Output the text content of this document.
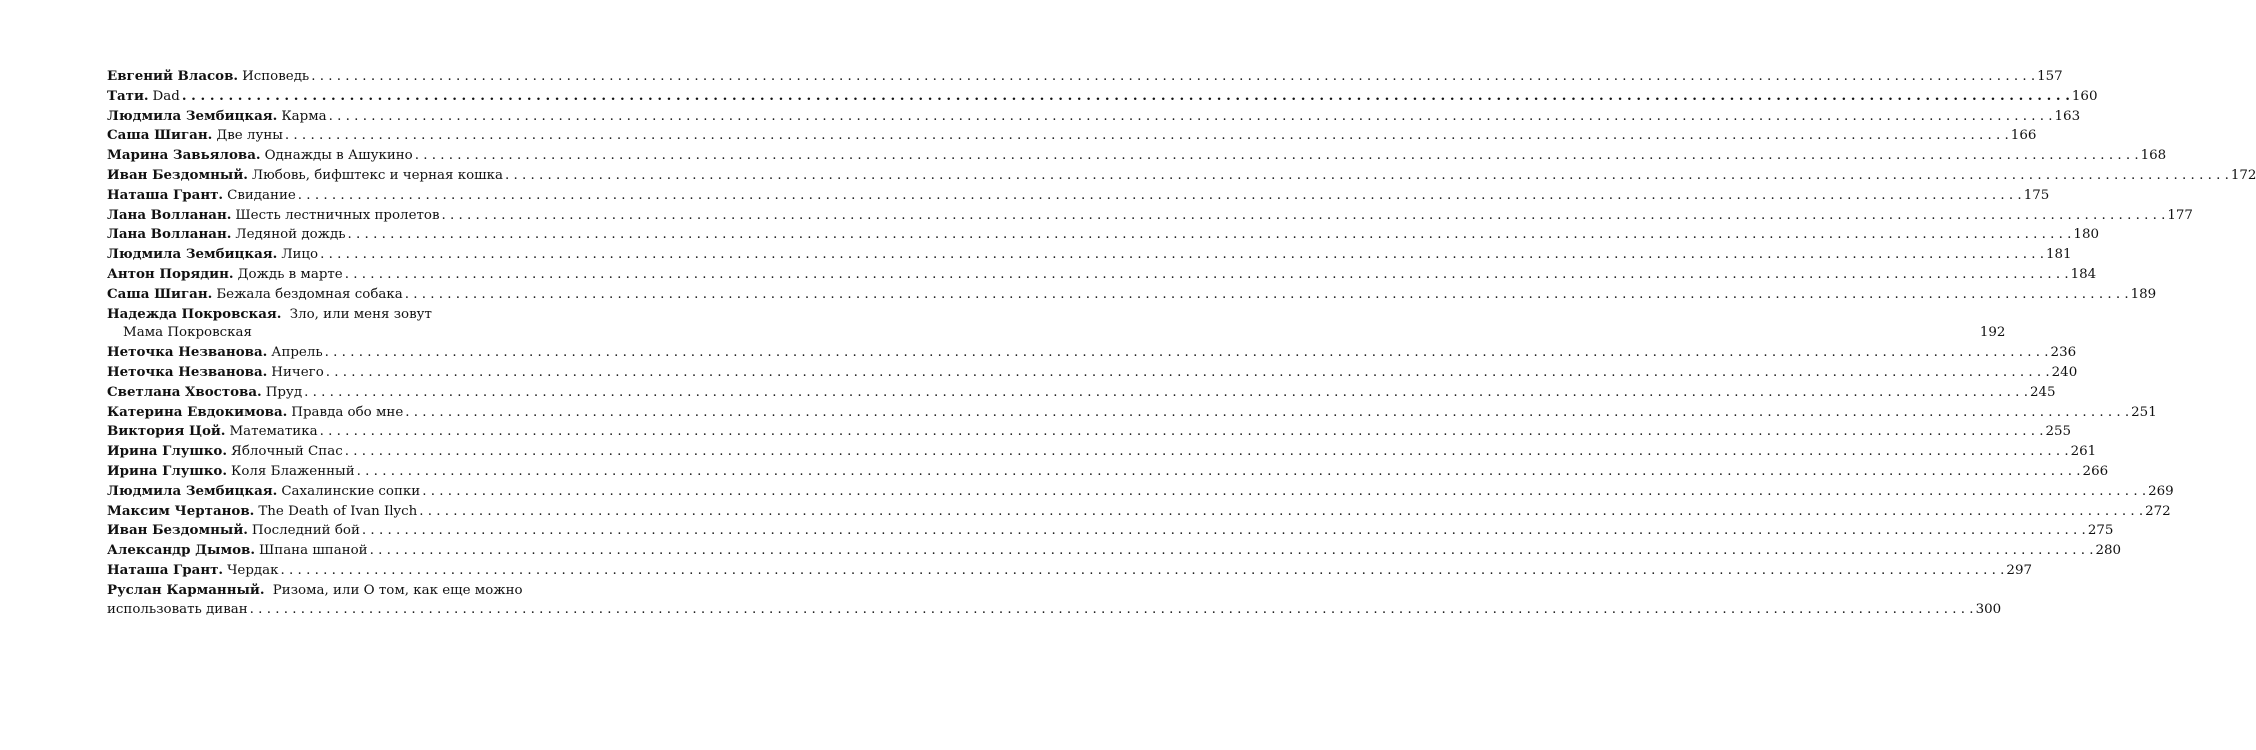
Евгений Власов. Исповедь . . .	157
Тати. Dad . . .	160
Людмила Зембицкая. Карма . . .	163
Саша Шиган. Две луны . . .	166
Марина Завьялова. Однажды в Ашукино . . .	168
Иван Бездомный. Любовь, бифштекс и черная кошка . . .	172
Наташа Грант. Свидание . . .	175
Лана Волланан. Шесть лестничных пролетов . . .	177
Лана Волланан. Ледяной дождь . . .	180
Людмила Зембицкая. Лицо . . .	181
Антон Порядин. Дождь в марте . . .	184
Саша Шиган. Бежала бездомная собака . . .	189
Надежда Покровская. Зло, или меня зовут
Мама Покровская	192
Неточка Незванова. Апрель . . .	236
Неточка Незванова. Ничего . . .	240
Светлана Хвостова. Пруд . . .	245
Катерина Евдокимова. Правда обо мне . . .	251
Виктория Цой. Математика . . .	255
Ирина Глушко. Яблочный Спас . . .	261
Ирина Глушко. Коля Блаженный . . .	266
Людмила Зембицкая. Сахалинские сопки . . .	269
Максим Чертанов. The Death of Ivan Ilych . . .	272
Иван Бездомный. Последний бой . . .	275
Александр Дымов. Шпана шпаной . . .	280
Наташа Грант. Чердак . . .	297
Руслан Карманный. Ризома, или О том, как еще можно
использовать диван . . .	300
